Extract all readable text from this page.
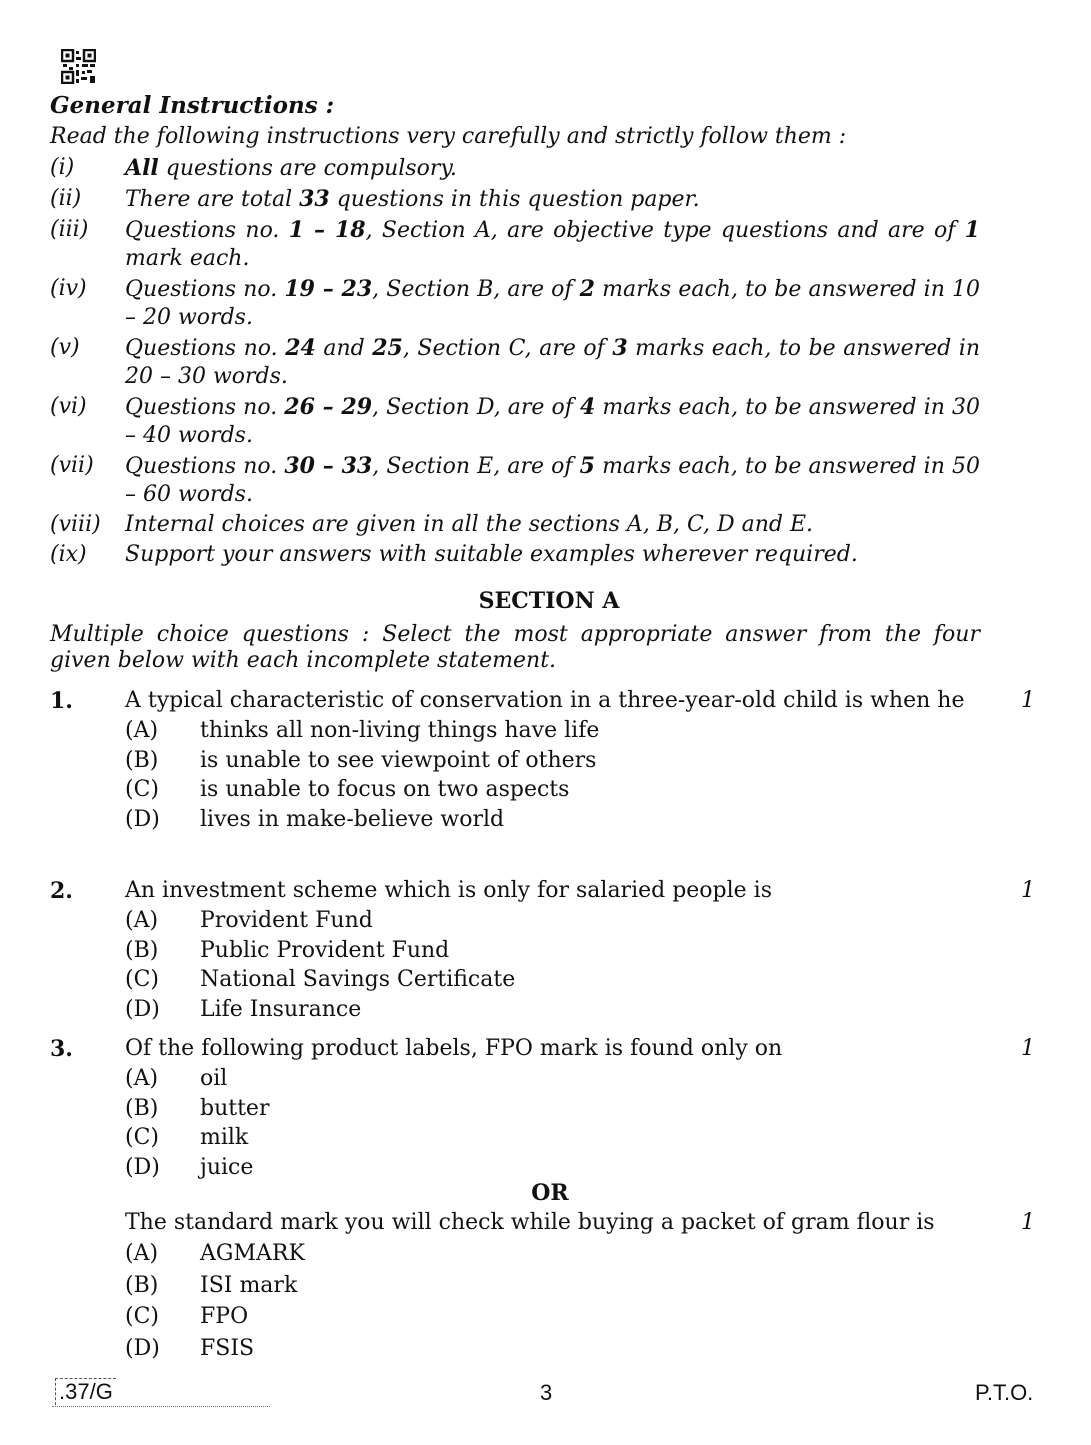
General Instructions :
Read the following instructions very carefully and strictly follow them :
(i)	All questions are compulsory.
(ii)	There are total 33 questions in this question paper.
(iii)	Questions no. 1 – 18, Section A, are objective type questions and are of 1 mark each.
(iv)	Questions no. 19 – 23, Section B, are of 2 marks each, to be answered in 10 – 20 words.
(v)	Questions no. 24 and 25, Section C, are of 3 marks each, to be answered in 20 – 30 words.
(vi)	Questions no. 26 – 29, Section D, are of 4 marks each, to be answered in 30 – 40 words.
(vii)	Questions no. 30 – 33, Section E, are of 5 marks each, to be answered in 50 – 60 words.
(viii)	Internal choices are given in all the sections A, B, C, D and E.
(ix)	Support your answers with suitable examples wherever required.
SECTION A
Multiple choice questions : Select the most appropriate answer from the four given below with each incomplete statement.
1.	A typical characteristic of conservation in a three-year-old child is when he	1
(A)	thinks all non-living things have life
(B)	is unable to see viewpoint of others
(C)	is unable to focus on two aspects
(D)	lives in make-believe world
2.	An investment scheme which is only for salaried people is	1
(A)	Provident Fund
(B)	Public Provident Fund
(C)	National Savings Certificate
(D)	Life Insurance
3.	Of the following product labels, FPO mark is found only on	1
(A)	oil
(B)	butter
(C)	milk
(D)	juice
OR
The standard mark you will check while buying a packet of gram flour is	1
(A)	AGMARK
(B)	ISI mark
(C)	FPO
(D)	FSIS
.37/G	3	P.T.O.
